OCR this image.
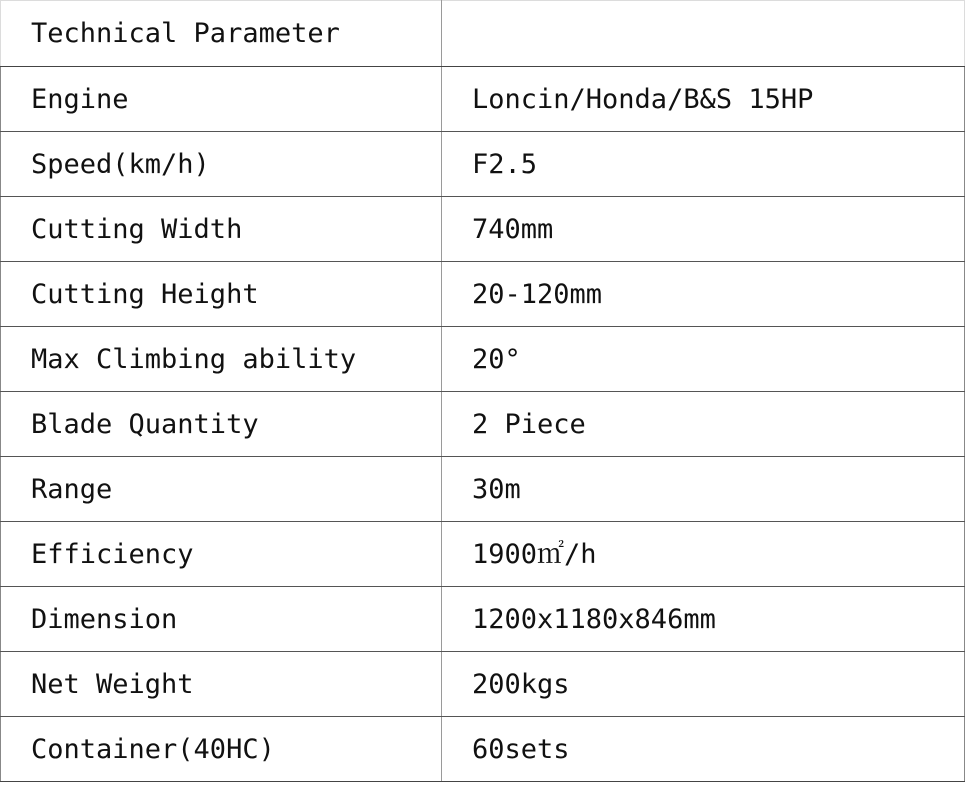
Technical Parameter	
Engine	Loncin/Honda/B&S 15HP
Speed(km/h)	F2.5
Cutting Width	740mm
Cutting Height	20-120mm
Max Climbing ability	20°
Blade Quantity	2 Piece
Range	30m
Efficiency	1900㎡/h
Dimension	1200x1180x846mm
Net Weight	200kgs
Container(40HC)	60sets
